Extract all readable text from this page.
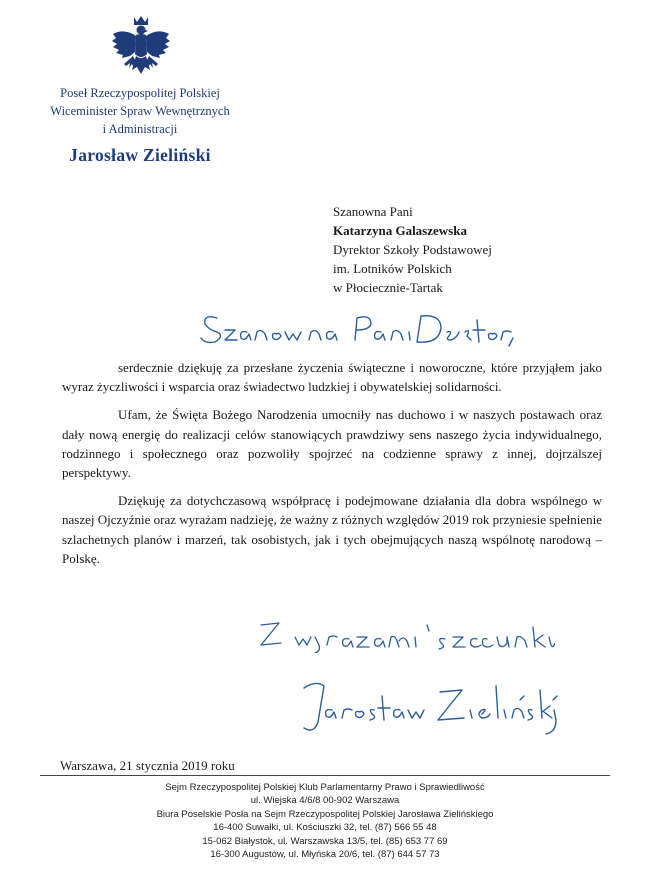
Poseł Rzeczypospolitej Polskiej
Wiceminister Spraw Wewnętrznych
i Administracji
Jarosław Zieliński
Szanowna Pani
Katarzyna Galaszewska
Dyrektor Szkoły Podstawowej
im. Lotników Polskich
w Płociecznie-Tartak

serdecznie dziękuję za przesłane życzenia świąteczne i noworoczne, które przyjąłem jako wyraz życzliwości i wsparcia oraz świadectwo ludzkiej i obywatelskiej solidarności.

Ufam, że Święta Bożego Narodzenia umocniły nas duchowo i w naszych postawach oraz dały nową energię do realizacji celów stanowiących prawdziwy sens naszego życia indywidualnego, rodzinnego i społecznego oraz pozwoliły spojrzeć na codzienne sprawy z innej, dojrzalszej perspektywy.

Dziękuję za dotychczasową współpracę i podejmowane działania dla dobra wspólnego w naszej Ojczyźnie oraz wyrażam nadzieję, że ważny z różnych względów 2019 rok przyniesie spełnienie szlachetnych planów i marzeń, tak osobistych, jak i tych obejmujących naszą wspólnotę narodową – Polskę.

Warszawa, 21 stycznia 2019 roku
Sejm Rzeczypospolitej Polskiej Klub Parlamentarny Prawo i Sprawiedliwość
ul. Wiejska 4/6/8 00-902 Warszawa
Biura Poselskie Posła na Sejm Rzeczypospolitej Polskiej Jarosława Zielińskiego
16-400 Suwałki, ul. Kościuszki 32, tel. (87) 566 55 48
15-062 Białystok, ul. Warszawska 13/5, tel. (85) 653 77 69
16-300 Augustów, ul. Młyńska 20/6, tel. (87) 644 57 73
